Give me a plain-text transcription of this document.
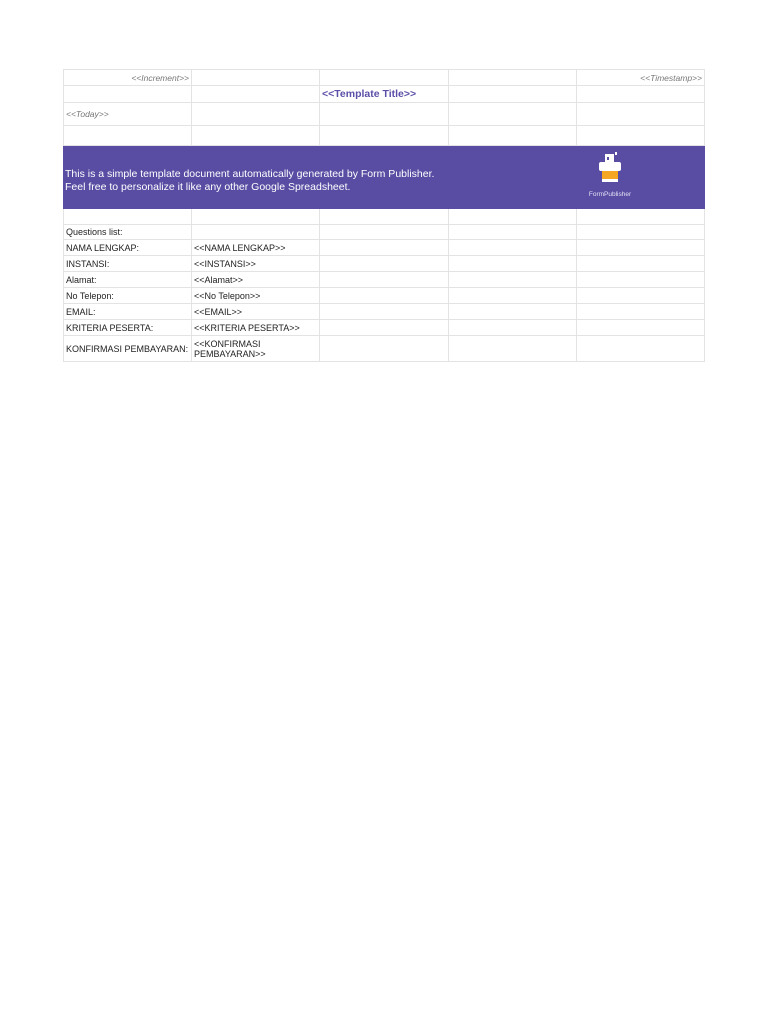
<<Increment>>	<<Timestamp>>
<<Template Title>>
<<Today>>
This is a simple template document automatically generated by Form Publisher.
Feel free to personalize it like any other Google Spreadsheet.
FormPublisher
Questions list:
NAMA LENGKAP:	<<NAMA LENGKAP>>
INSTANSI:	<<INSTANSI>>
Alamat:	<<Alamat>>
No Telepon:	<<No Telepon>>
EMAIL:	<<EMAIL>>
KRITERIA PESERTA:	<<KRITERIA PESERTA>>
KONFIRMASI PEMBAYARAN: <<KONFIRMASI PEMBAYARAN>>
